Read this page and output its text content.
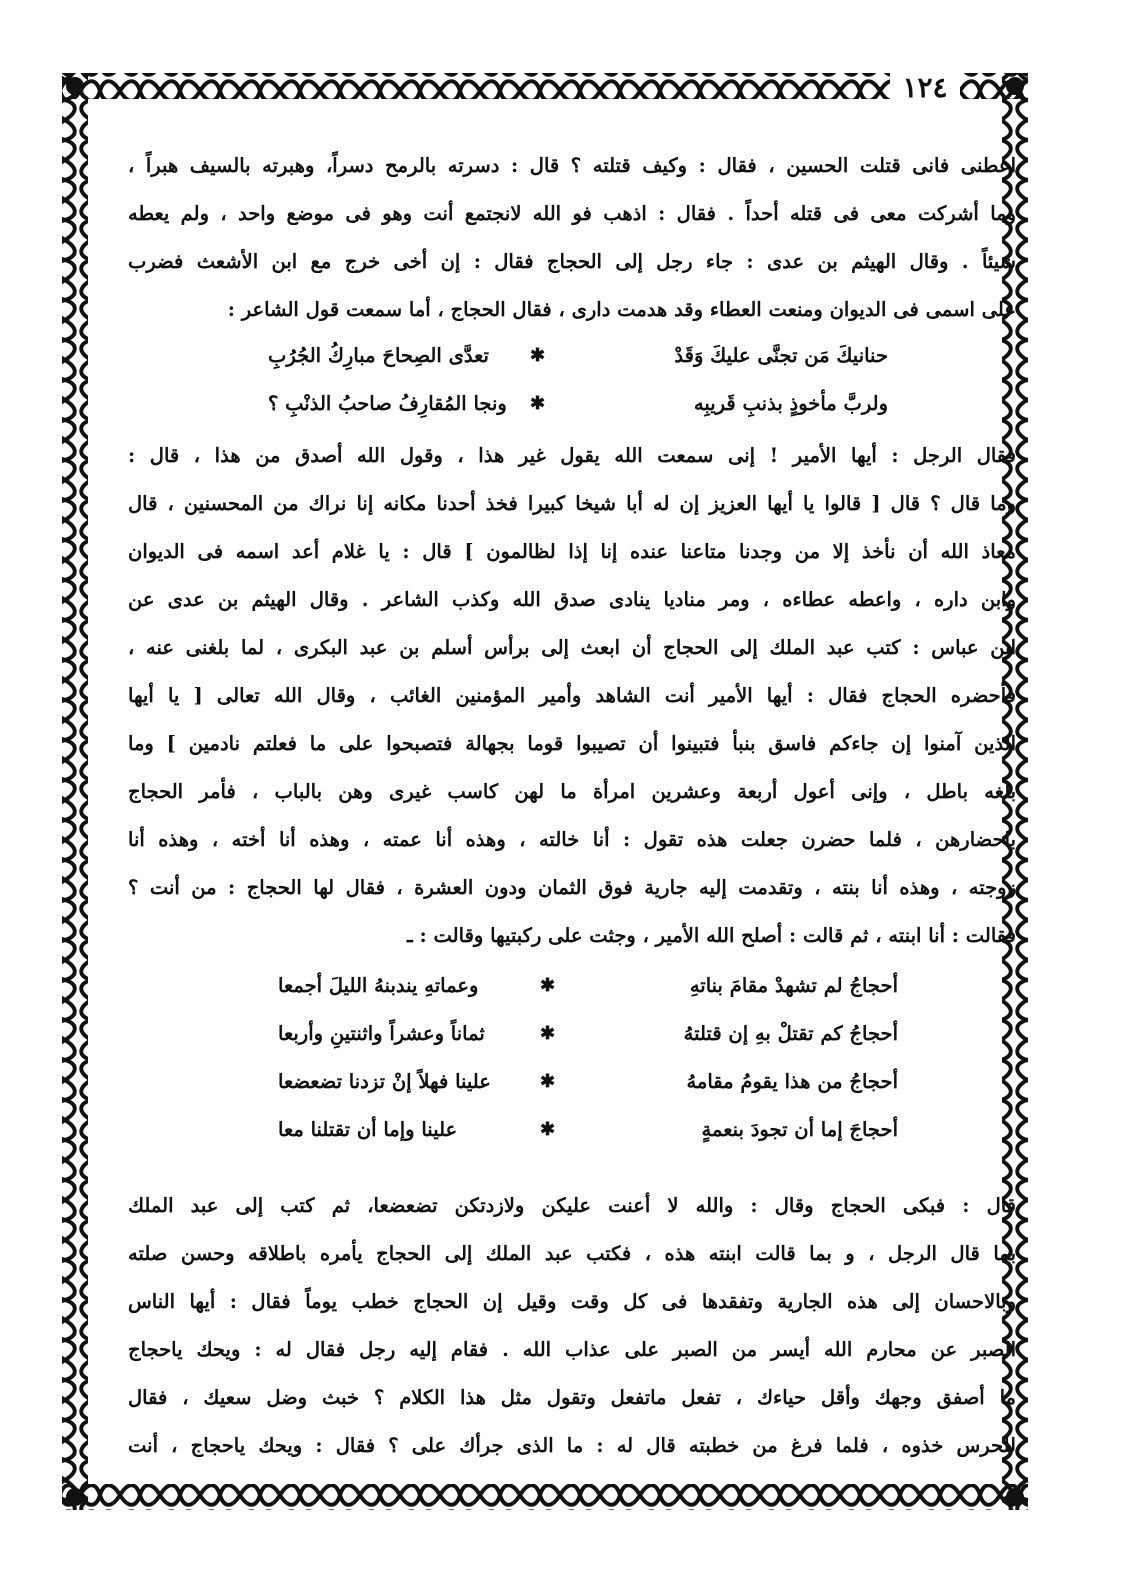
١٢٤
اعطنى فانى قتلت الحسين ، فقال : وكيف قتلته ؟ قال : دسرته بالرمح دسراً، وهبرته بالسيف هبراً ،
وما أشركت معى فى قتله أحداً . فقال : اذهب فو الله لانجتمع أنت وهو فى موضع واحد ، ولم يعطه
شيئاً . وقال الهيثم بن عدى : جاء رجل إلى الحجاج فقال : إن أخى خرج مع ابن الأشعث فضرب
على اسمى فى الديوان ومنعت العطاء وقد هدمت دارى ، فقال الحجاج ، أما سمعت قول الشاعر :
حنانيكَ مَن تجنَّى عليكَ وَقَدْ
✱
تعدَّى الصِحاحَ مبارِكُ الجُرُبِ
ولربَّ مأخوذٍ بذنبِ قَريبِه
✱
ونجا المُقارِفُ صاحبُ الذنْبِ ؟
فقال الرجل : أيها الأمير ! إنى سمعت الله يقول غير هذا ، وقول الله أصدق من هذا ، قال :
وما قال ؟ قال [ قالوا يا أيها العزيز إن له أبا شيخا كبيرا فخذ أحدنا مكانه إنا نراك من المحسنين ، قال
معاذ الله أن نأخذ إلا من وجدنا متاعنا عنده إنا إذا لظالمون ] قال : يا غلام أعد اسمه فى الديوان
وابن داره ، واعطه عطاءه ، ومر مناديا ينادى صدق الله وكذب الشاعر . وقال الهيثم بن عدى عن
ابن عباس : كتب عبد الملك إلى الحجاج أن ابعث إلى برأس أسلم بن عبد البكرى ، لما بلغنى عنه ،
فأحضره الحجاج فقال : أيها الأمير أنت الشاهد وأمير المؤمنين الغائب ، وقال الله تعالى [ يا أيها
الذين آمنوا إن جاءكم فاسق بنبأ فتبينوا أن تصيبوا قوما بجهالة فتصبحوا على ما فعلتم نادمين ] وما
بلغه باطل ، وإنى أعول أربعة وعشرين امرأة ما لهن كاسب غيرى وهن بالباب ، فأمر الحجاج
باحضارهن ، فلما حضرن جعلت هذه تقول : أنا خالته ، وهذه أنا عمته ، وهذه أنا أخته ، وهذه أنا
زوجته ، وهذه أنا بنته ، وتقدمت إليه جارية فوق الثمان ودون العشرة ، فقال لها الحجاج : من أنت ؟
فقالت : أنا ابنته ، ثم قالت : أصلح الله الأمير ، وجثت على ركبتيها وقالت : ـ
أحجاجُ لم تشهدْ مقامَ بناتهِ
✱
وعماتهِ يندبنهُ الليلَ أجمعا
أحجاجُ كم تقتلْ بهِ إن قتلتهُ
✱
ثماناً وعشراً واثنتينِ وأربعا
أحجاجُ من هذا يقومُ مقامهُ
✱
علينا فهلاً إنْ تزدنا تضعضعا
أحجاجَ إما أن تجودَ بنعمةٍ
✱
علينا وإما أن تقتلنا معا
قال : فبكى الحجاج وقال : والله لا أعنت عليكن ولازدتكن تضعضعا، ثم كتب إلى عبد الملك
بما قال الرجل ، و بما قالت ابنته هذه ، فكتب عبد الملك إلى الحجاج يأمره باطلاقه وحسن صلته
وبالاحسان إلى هذه الجارية وتفقدها فى كل وقت وقيل إن الحجاج خطب يوماً فقال : أيها الناس
الصبر عن محارم الله أيسر من الصبر على عذاب الله . فقام إليه رجل فقال له : ويحك ياحجاج
ما أصفق وجهك وأقل حياءك ، تفعل ماتفعل وتقول مثل هذا الكلام ؟ خبث وضل سعيك ، فقال
للحرس خذوه ، فلما فرغ من خطبته قال له : ما الذى جرأك على ؟ فقال : ويحك ياحجاج ، أنت
